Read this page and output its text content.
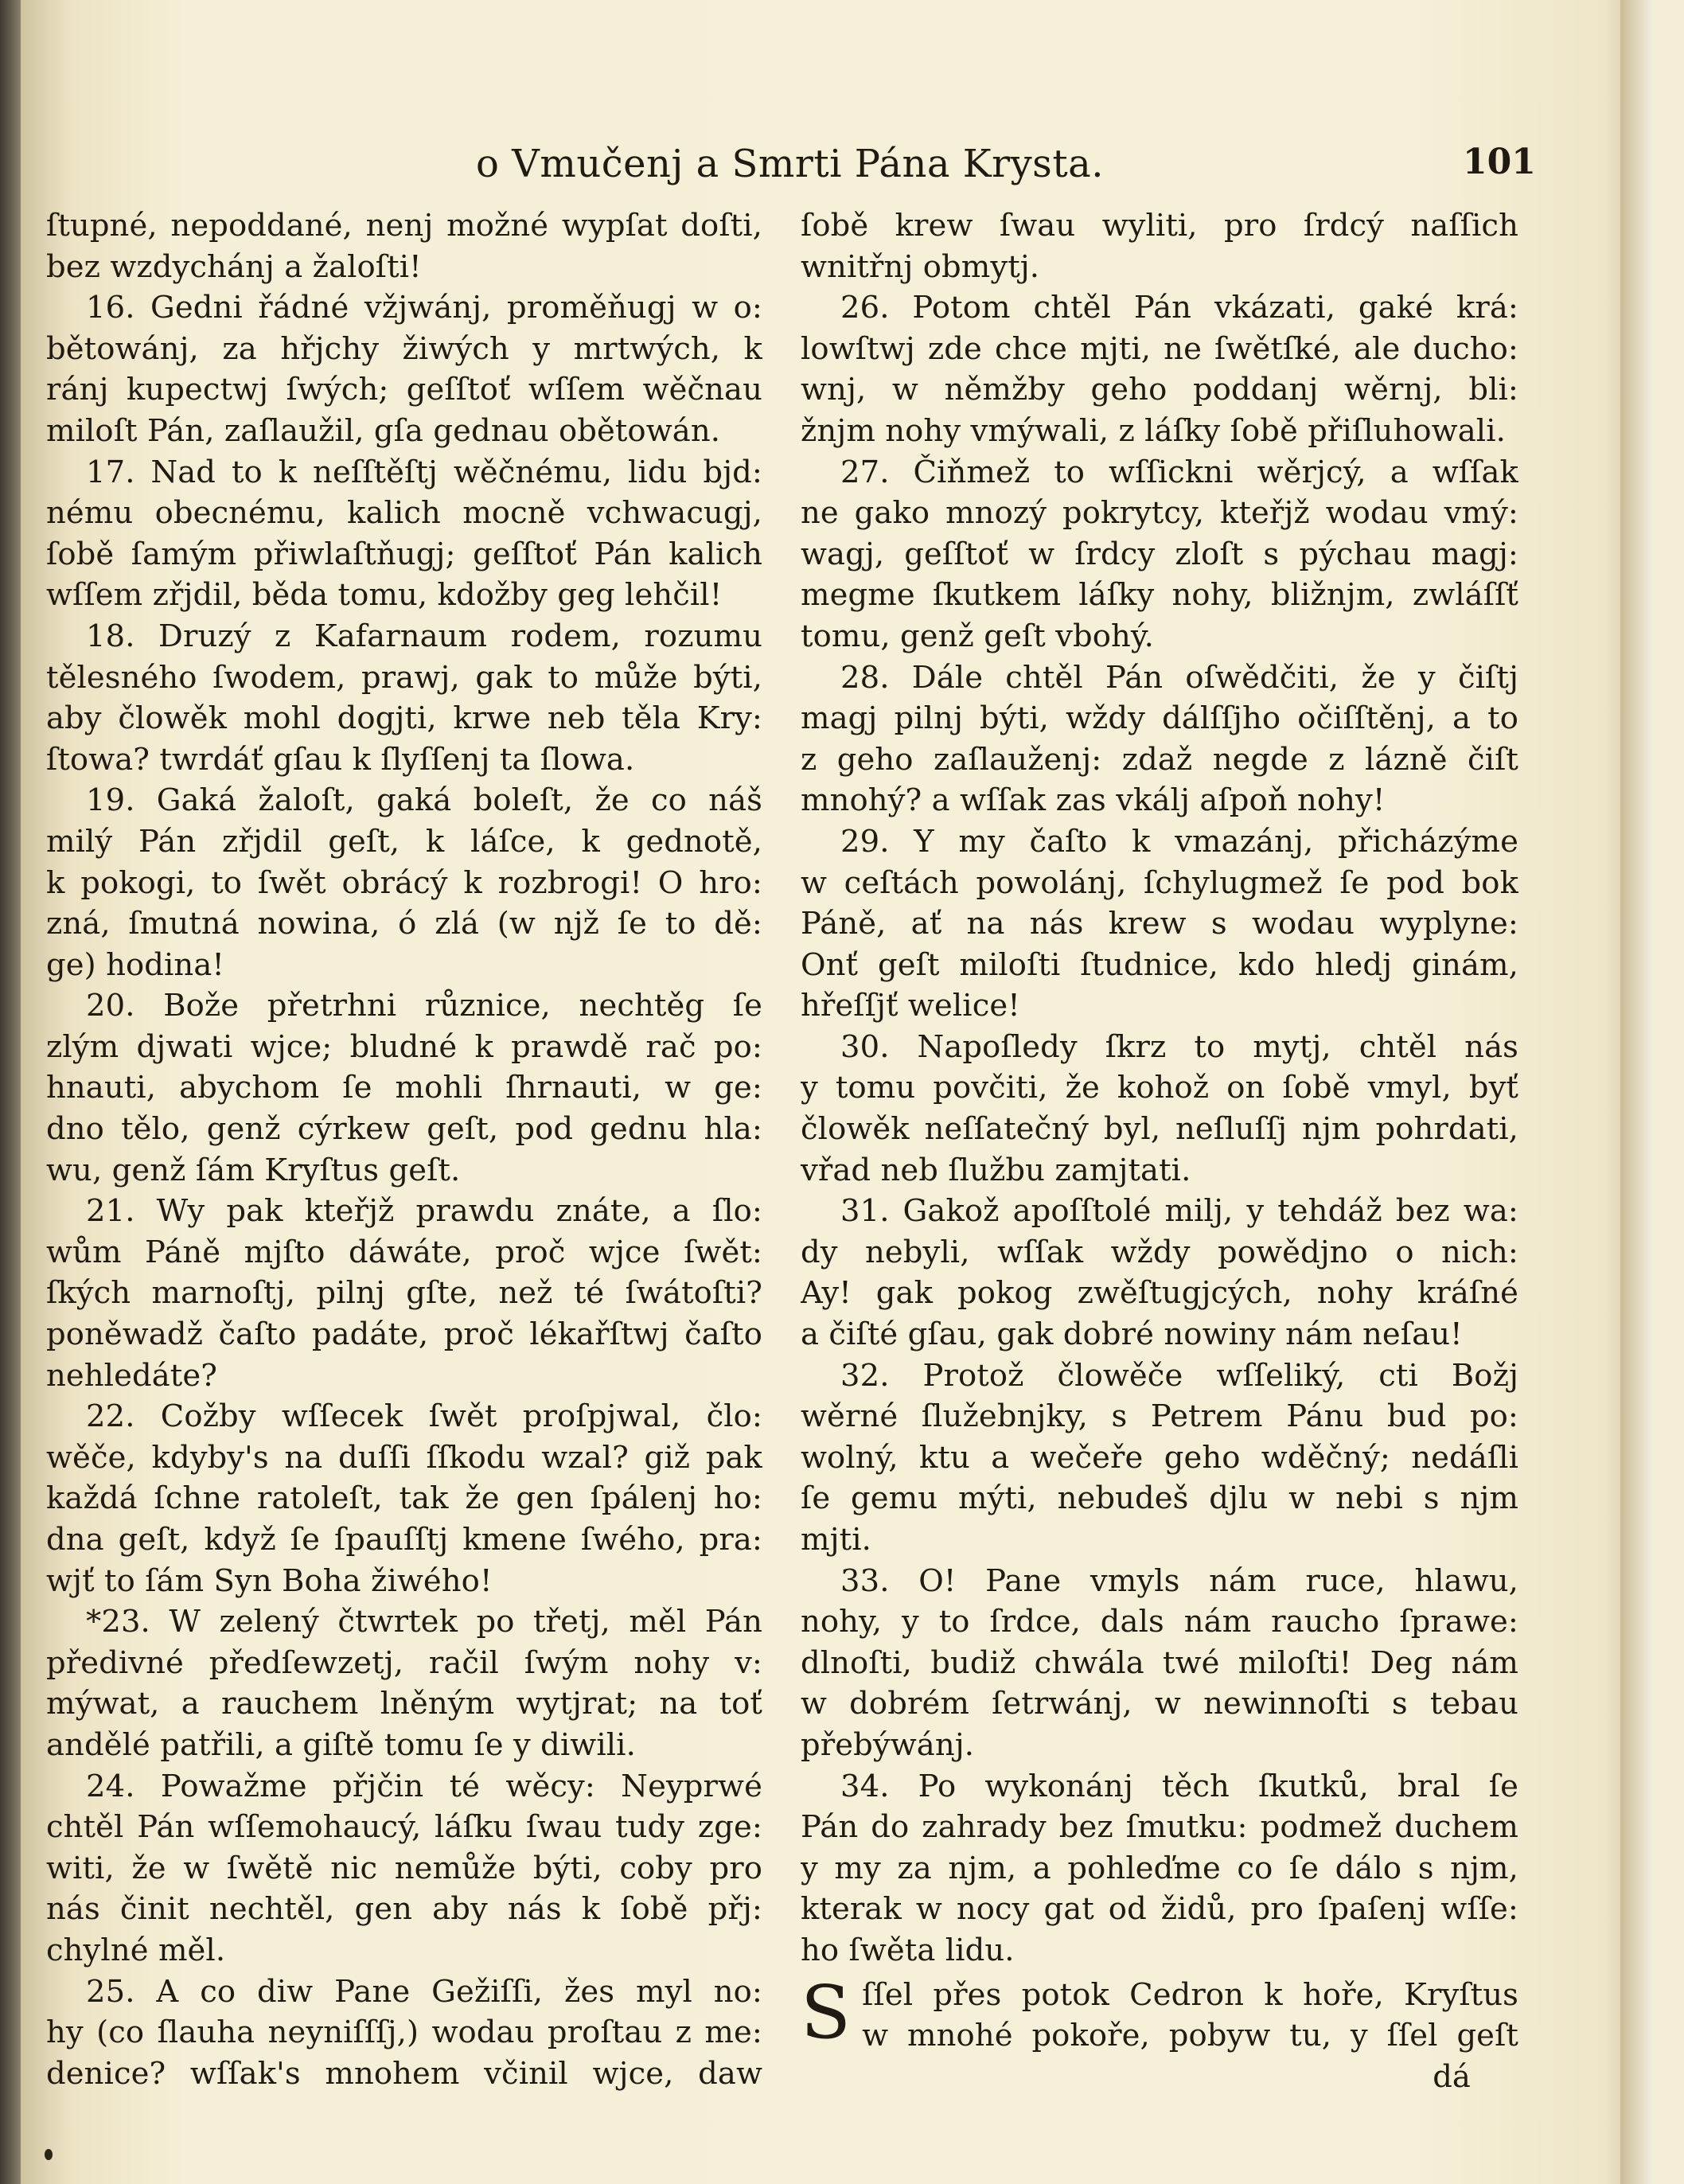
o Vmučenj a Smrti Pána Krysta.	101
ſtupné, nepoddané, nenj možné wypſat doſti,
bez wzdychánj a žaloſti!
16. Gedni řádné vžjwánj, proměňugj w o:
bětowánj, za hřjchy žiwých y mrtwých, k
ránj kupectwj ſwých; geſſtoť wſſem wěčnau
miloſt Pán, zaſlaužil, gſa gednau obětowán.
17. Nad to k neſſtěſtj wěčnému, lidu bjd:
nému obecnému, kalich mocně vchwacugj,
ſobě ſamým přiwlaſtňugj; geſſtoť Pán kalich
wſſem zřjdil, běda tomu, kdožby geg lehčil!
18. Druzý z Kafarnaum rodem, rozumu
tělesného ſwodem, prawj, gak to může býti,
aby člowěk mohl dogjti, krwe neb těla Kry:
ſtowa? twrdáť gſau k ſlyſſenj ta ſlowa.
19. Gaká žaloſt, gaká boleſt, že co náš
milý Pán zřjdil geſt, k láſce, k gednotě,
k pokogi, to ſwět obrácý k rozbrogi! O hro:
zná, ſmutná nowina, ó zlá (w njž ſe to dě:
ge) hodina!
20. Bože přetrhni různice, nechtěg ſe
zlým djwati wjce; bludné k prawdě rač po:
hnauti, abychom ſe mohli ſhrnauti, w ge:
dno tělo, genž cýrkew geſt, pod gednu hla:
wu, genž ſám Kryſtus geſt.
21. Wy pak kteřjž prawdu znáte, a ſlo:
wům Páně mjſto dáwáte, proč wjce ſwět:
ſkých marnoſtj, pilnj gſte, než té ſwátoſti?
poněwadž čaſto padáte, proč lékařſtwj čaſto
nehledáte?
22. Cožby wſſecek ſwět proſpjwal, člo:
wěče, kdyby's na duſſi ſſkodu wzal? giž pak
každá ſchne ratoleſt, tak že gen ſpálenj ho:
dna geſt, když ſe ſpauſſtj kmene ſwého, pra:
wjť to ſám Syn Boha žiwého!
*23. W zelený čtwrtek po třetj, měl Pán
předivné předſewzetj, račil ſwým nohy v:
mýwat, a rauchem lněným wytjrat; na toť
andělé patřili, a giſtě tomu ſe y diwili.
24. Powažme přjčin té wěcy: Neyprwé
chtěl Pán wſſemohaucý, láſku ſwau tudy zge:
witi, že w ſwětě nic nemůže býti, coby pro
nás činit nechtěl, gen aby nás k ſobě přj:
chylné měl.
25. A co diw Pane Gežiſſi, žes myl no:
hy (co ſlauha neyniſſſj,) wodau proſtau z me:
denice? wſſak's mnohem včinil wjce, daw
ſobě krew ſwau wyliti, pro ſrdcý naſſich
wnitřnj obmytj.
26. Potom chtěl Pán vkázati, gaké krá:
lowſtwj zde chce mjti, ne ſwětſké, ale ducho:
wnj, w němžby geho poddanj wěrnj, bli:
žnjm nohy vmýwali, z láſky ſobě přiſluhowali.
27. Čiňmež to wſſickni wěrjcý, a wſſak
ne gako mnozý pokrytcy, kteřjž wodau vmý:
wagj, geſſtoť w ſrdcy zloſt s pýchau magj:
megme ſkutkem láſky nohy, bližnjm, zwláſſť
tomu, genž geſt vbohý.
28. Dále chtěl Pán oſwědčiti, že y čiſtj
magj pilnj býti, wždy dálſſjho očiſſtěnj, a to
z geho zaſlauženj: zdaž negde z lázně čiſt
mnohý? a wſſak zas vkálj aſpoň nohy!
29. Y my čaſto k vmazánj, přicházýme
w ceſtách powolánj, ſchylugmež ſe pod bok
Páně, ať na nás krew s wodau wyplyne:
Onť geſt miloſti ſtudnice, kdo hledj ginám,
hřeſſjť welice!
30. Napoſledy ſkrz to mytj, chtěl nás
y tomu povčiti, že kohož on ſobě vmyl, byť
člowěk neſſatečný byl, neſluſſj njm pohrdati,
vřad neb ſlužbu zamjtati.
31. Gakož apoſſtolé milj, y tehdáž bez wa:
dy nebyli, wſſak wždy powědjno o nich:
Ay! gak pokog zwěſtugjcých, nohy kráſné
a čiſté gſau, gak dobré nowiny nám neſau!
32. Protož člowěče wſſeliký, cti Božj
wěrné ſlužebnjky, s Petrem Pánu bud po:
wolný, ktu a wečeře geho wděčný; nedáſli
ſe gemu mýti, nebudeš djlu w nebi s njm
mjti.
33. O! Pane vmyls nám ruce, hlawu,
nohy, y to ſrdce, dals nám raucho ſprawe:
dlnoſti, budiž chwála twé miloſti! Deg nám
w dobrém ſetrwánj, w newinnoſti s tebau
přebýwánj.
34. Po wykonánj těch ſkutků, bral ſe
Pán do zahrady bez ſmutku: podmež duchem
y my za njm, a pohleďme co ſe dálo s njm,
kterak w nocy gat od židů, pro ſpaſenj wſſe:
ho ſwěta lidu.
S ſſel přes potok Cedron k hoře, Kryſtus
w mnohé pokoře, pobyw tu, y ſſel geſt
dá
